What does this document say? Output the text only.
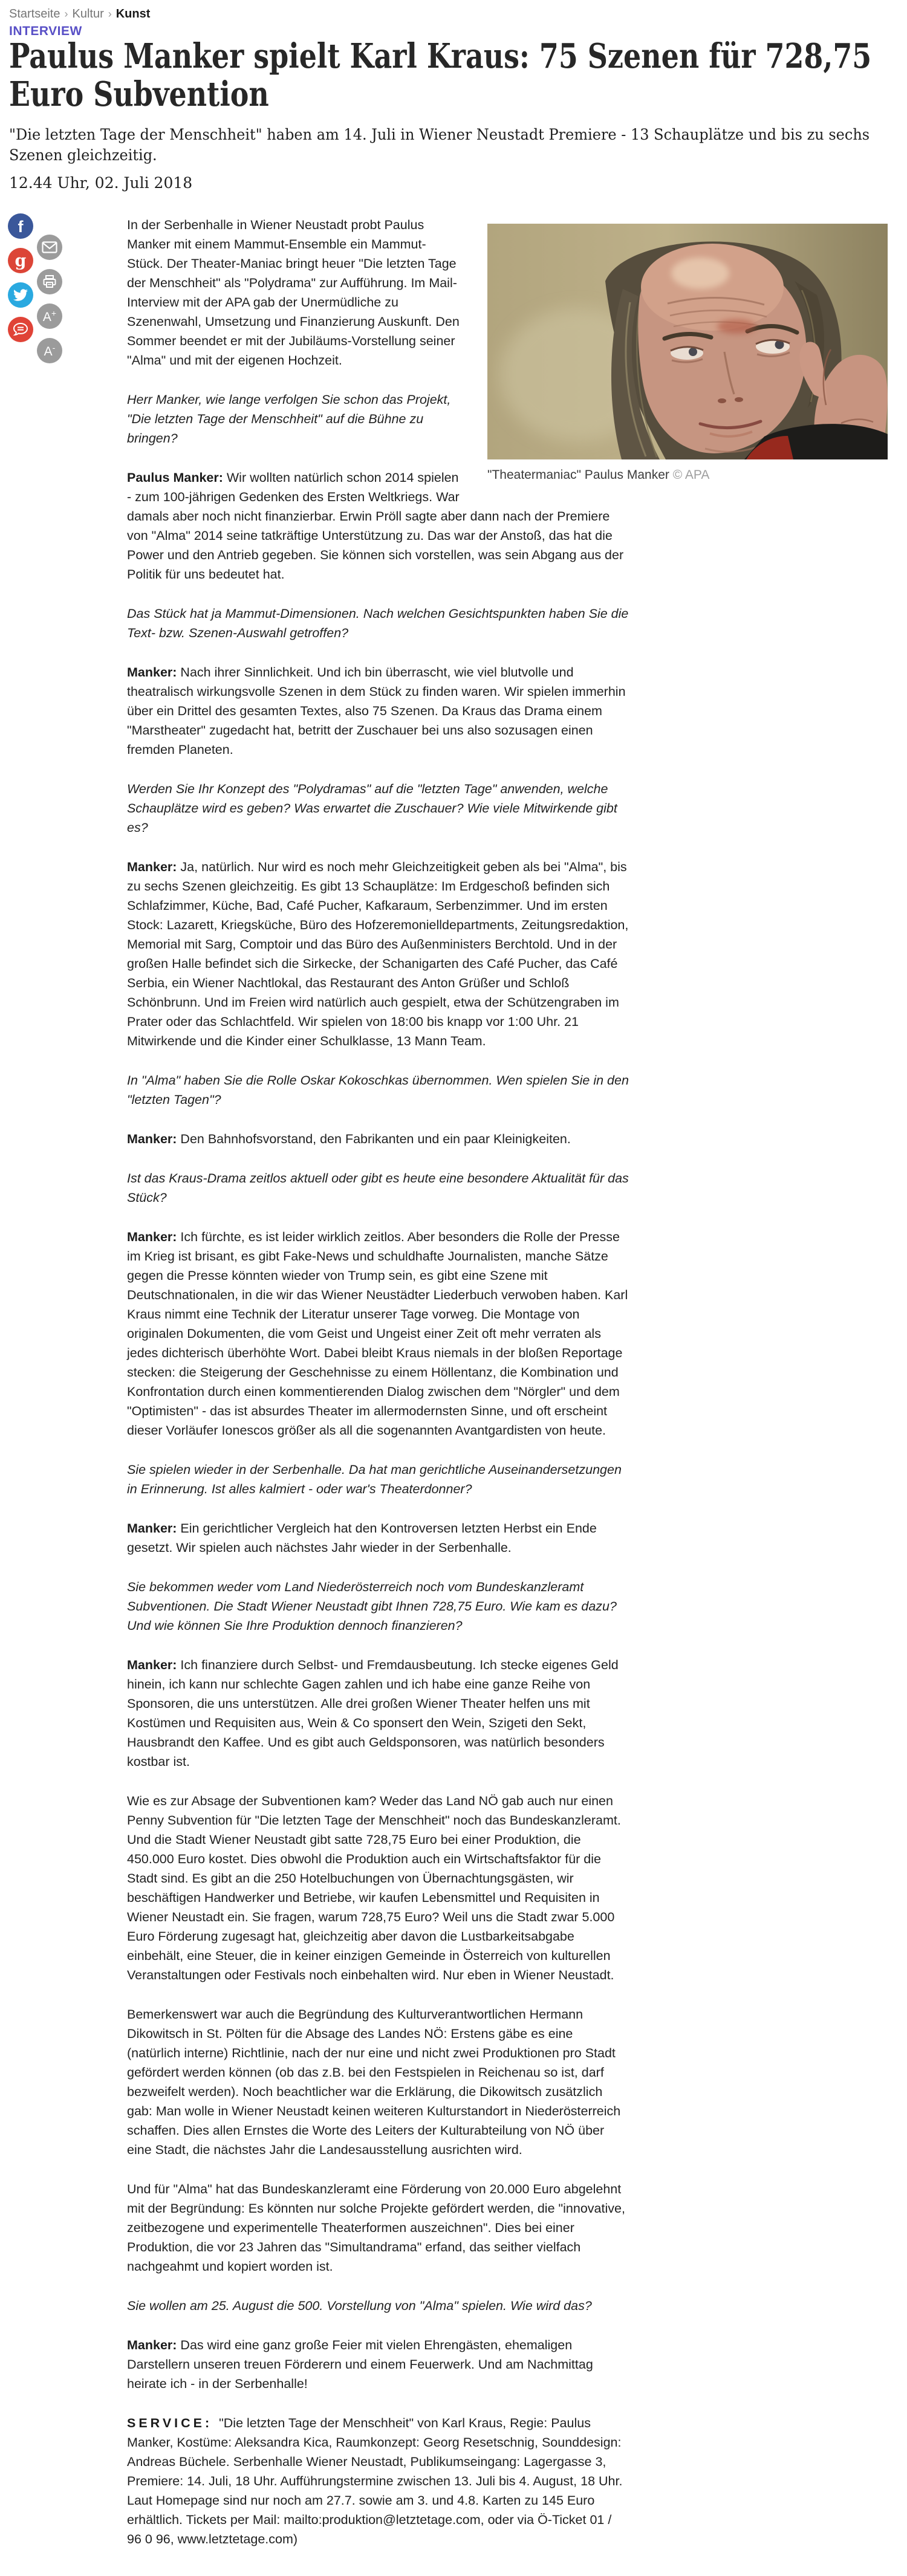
Startseite › Kultur › Kunst
INTERVIEW
Paulus Manker spielt Karl Kraus: 75 Szenen für 728,75 Euro Subvention

"Die letzten Tage der Menschheit" haben am 14. Juli in Wiener Neustadt Premiere - 13 Schauplätze und bis zu sechs Szenen gleichzeitig.

12.44 Uhr, 02. Juli 2018
f
g
A+
A-
"Theatermaniac" Paulus Manker © APA

In der Serbenhalle in Wiener Neustadt probt Paulus Manker mit einem Mammut-Ensemble ein Mammut-Stück. Der Theater-Maniac bringt heuer "Die letzten Tage der Menschheit" als "Polydrama" zur Aufführung. Im Mail-Interview mit der APA gab der Unermüdliche zu Szenenwahl, Umsetzung und Finanzierung Auskunft. Den Sommer beendet er mit der Jubiläums-Vorstellung seiner "Alma" und mit der eigenen Hochzeit.

Herr Manker, wie lange verfolgen Sie schon das Projekt, "Die letzten Tage der Menschheit" auf die Bühne zu bringen?

Paulus Manker: Wir wollten natürlich schon 2014 spielen - zum 100-jährigen Gedenken des Ersten Weltkriegs. War damals aber noch nicht finanzierbar. Erwin Pröll sagte aber dann nach der Premiere von "Alma" 2014 seine tatkräftige Unterstützung zu. Das war der Anstoß, das hat die Power und den Antrieb gegeben. Sie können sich vorstellen, was sein Abgang aus der Politik für uns bedeutet hat.

Das Stück hat ja Mammut-Dimensionen. Nach welchen Gesichtspunkten haben Sie die Text- bzw. Szenen-Auswahl getroffen?

Manker: Nach ihrer Sinnlichkeit. Und ich bin überrascht, wie viel blutvolle und theatralisch wirkungsvolle Szenen in dem Stück zu finden waren. Wir spielen immerhin über ein Drittel des gesamten Textes, also 75 Szenen. Da Kraus das Drama einem "Marstheater" zugedacht hat, betritt der Zuschauer bei uns also sozusagen einen fremden Planeten.

Werden Sie Ihr Konzept des "Polydramas" auf die "letzten Tage" anwenden, welche Schauplätze wird es geben? Was erwartet die Zuschauer? Wie viele Mitwirkende gibt es?

Manker: Ja, natürlich. Nur wird es noch mehr Gleichzeitigkeit geben als bei "Alma", bis zu sechs Szenen gleichzeitig. Es gibt 13 Schauplätze: Im Erdgeschoß befinden sich Schlafzimmer, Küche, Bad, Café Pucher, Kafkaraum, Serbenzimmer. Und im ersten Stock: Lazarett, Kriegsküche, Büro des Hofzeremonielldepartments, Zeitungsredaktion, Memorial mit Sarg, Comptoir und das Büro des Außenministers Berchtold. Und in der großen Halle befindet sich die Sirkecke, der Schanigarten des Café Pucher, das Café Serbia, ein Wiener Nachtlokal, das Restaurant des Anton Grüßer und Schloß Schönbrunn. Und im Freien wird natürlich auch gespielt, etwa der Schützengraben im Prater oder das Schlachtfeld. Wir spielen von 18:00 bis knapp vor 1:00 Uhr. 21 Mitwirkende und die Kinder einer Schulklasse, 13 Mann Team.

In "Alma" haben Sie die Rolle Oskar Kokoschkas übernommen. Wen spielen Sie in den "letzten Tagen"?

Manker: Den Bahnhofsvorstand, den Fabrikanten und ein paar Kleinigkeiten.

Ist das Kraus-Drama zeitlos aktuell oder gibt es heute eine besondere Aktualität für das Stück?

Manker: Ich fürchte, es ist leider wirklich zeitlos. Aber besonders die Rolle der Presse im Krieg ist brisant, es gibt Fake-News und schuldhafte Journalisten, manche Sätze gegen die Presse könnten wieder von Trump sein, es gibt eine Szene mit Deutschnationalen, in die wir das Wiener Neustädter Liederbuch verwoben haben. Karl Kraus nimmt eine Technik der Literatur unserer Tage vorweg. Die Montage von originalen Dokumenten, die vom Geist und Ungeist einer Zeit oft mehr verraten als jedes dichterisch überhöhte Wort. Dabei bleibt Kraus niemals in der bloßen Reportage stecken: die Steigerung der Geschehnisse zu einem Höllentanz, die Kombination und Konfrontation durch einen kommentierenden Dialog zwischen dem "Nörgler" und dem "Optimisten" - das ist absurdes Theater im allermodernsten Sinne, und oft erscheint dieser Vorläufer Ionescos größer als all die sogenannten Avantgardisten von heute.

Sie spielen wieder in der Serbenhalle. Da hat man gerichtliche Auseinandersetzungen in Erinnerung. Ist alles kalmiert - oder war's Theaterdonner?

Manker: Ein gerichtlicher Vergleich hat den Kontroversen letzten Herbst ein Ende gesetzt. Wir spielen auch nächstes Jahr wieder in der Serbenhalle.

Sie bekommen weder vom Land Niederösterreich noch vom Bundeskanzleramt Subventionen. Die Stadt Wiener Neustadt gibt Ihnen 728,75 Euro. Wie kam es dazu? Und wie können Sie Ihre Produktion dennoch finanzieren?

Manker: Ich finanziere durch Selbst- und Fremdausbeutung. Ich stecke eigenes Geld hinein, ich kann nur schlechte Gagen zahlen und ich habe eine ganze Reihe von Sponsoren, die uns unterstützen. Alle drei großen Wiener Theater helfen uns mit Kostümen und Requisiten aus, Wein & Co sponsert den Wein, Szigeti den Sekt, Hausbrandt den Kaffee. Und es gibt auch Geldsponsoren, was natürlich besonders kostbar ist.

Wie es zur Absage der Subventionen kam? Weder das Land NÖ gab auch nur einen Penny Subvention für "Die letzten Tage der Menschheit" noch das Bundeskanzleramt. Und die Stadt Wiener Neustadt gibt satte 728,75 Euro bei einer Produktion, die 450.000 Euro kostet. Dies obwohl die Produktion auch ein Wirtschaftsfaktor für die Stadt sind. Es gibt an die 250 Hotelbuchungen von Übernachtungsgästen, wir beschäftigen Handwerker und Betriebe, wir kaufen Lebensmittel und Requisiten in Wiener Neustadt ein. Sie fragen, warum 728,75 Euro? Weil uns die Stadt zwar 5.000 Euro Förderung zugesagt hat, gleichzeitig aber davon die Lustbarkeitsabgabe einbehält, eine Steuer, die in keiner einzigen Gemeinde in Österreich von kulturellen Veranstaltungen oder Festivals noch einbehalten wird. Nur eben in Wiener Neustadt.

Bemerkenswert war auch die Begründung des Kulturverantwortlichen Hermann Dikowitsch in St. Pölten für die Absage des Landes NÖ: Erstens gäbe es eine (natürlich interne) Richtlinie, nach der nur eine und nicht zwei Produktionen pro Stadt gefördert werden können (ob das z.B. bei den Festspielen in Reichenau so ist, darf bezweifelt werden). Noch beachtlicher war die Erklärung, die Dikowitsch zusätzlich gab: Man wolle in Wiener Neustadt keinen weiteren Kulturstandort in Niederösterreich schaffen. Dies allen Ernstes die Worte des Leiters der Kulturabteilung von NÖ über eine Stadt, die nächstes Jahr die Landesausstellung ausrichten wird.

Und für "Alma" hat das Bundeskanzleramt eine Förderung von 20.000 Euro abgelehnt mit der Begründung: Es könnten nur solche Projekte gefördert werden, die "innovative, zeitbezogene und experimentelle Theaterformen auszeichnen". Dies bei einer Produktion, die vor 23 Jahren das "Simultandrama" erfand, das seither vielfach nachgeahmt und kopiert worden ist.

Sie wollen am 25. August die 500. Vorstellung von "Alma" spielen. Wie wird das?

Manker: Das wird eine ganz große Feier mit vielen Ehrengästen, ehemaligen Darstellern unseren treuen Förderern und einem Feuerwerk. Und am Nachmittag heirate ich - in der Serbenhalle!

SERVICE: "Die letzten Tage der Menschheit" von Karl Kraus, Regie: Paulus Manker, Kostüme: Aleksandra Kica, Raumkonzept: Georg Resetschnig, Sounddesign: Andreas Büchele. Serbenhalle Wiener Neustadt, Publikumseingang: Lagergasse 3, Premiere: 14. Juli, 18 Uhr. Aufführungstermine zwischen 13. Juli bis 4. August, 18 Uhr. Laut Homepage sind nur noch am 27.7. sowie am 3. und 4.8. Karten zu 145 Euro erhältlich. Tickets per Mail: mailto:produktion@letztetage.com, oder via Ö-Ticket 01 / 96 0 96, www.letztetage.com)
